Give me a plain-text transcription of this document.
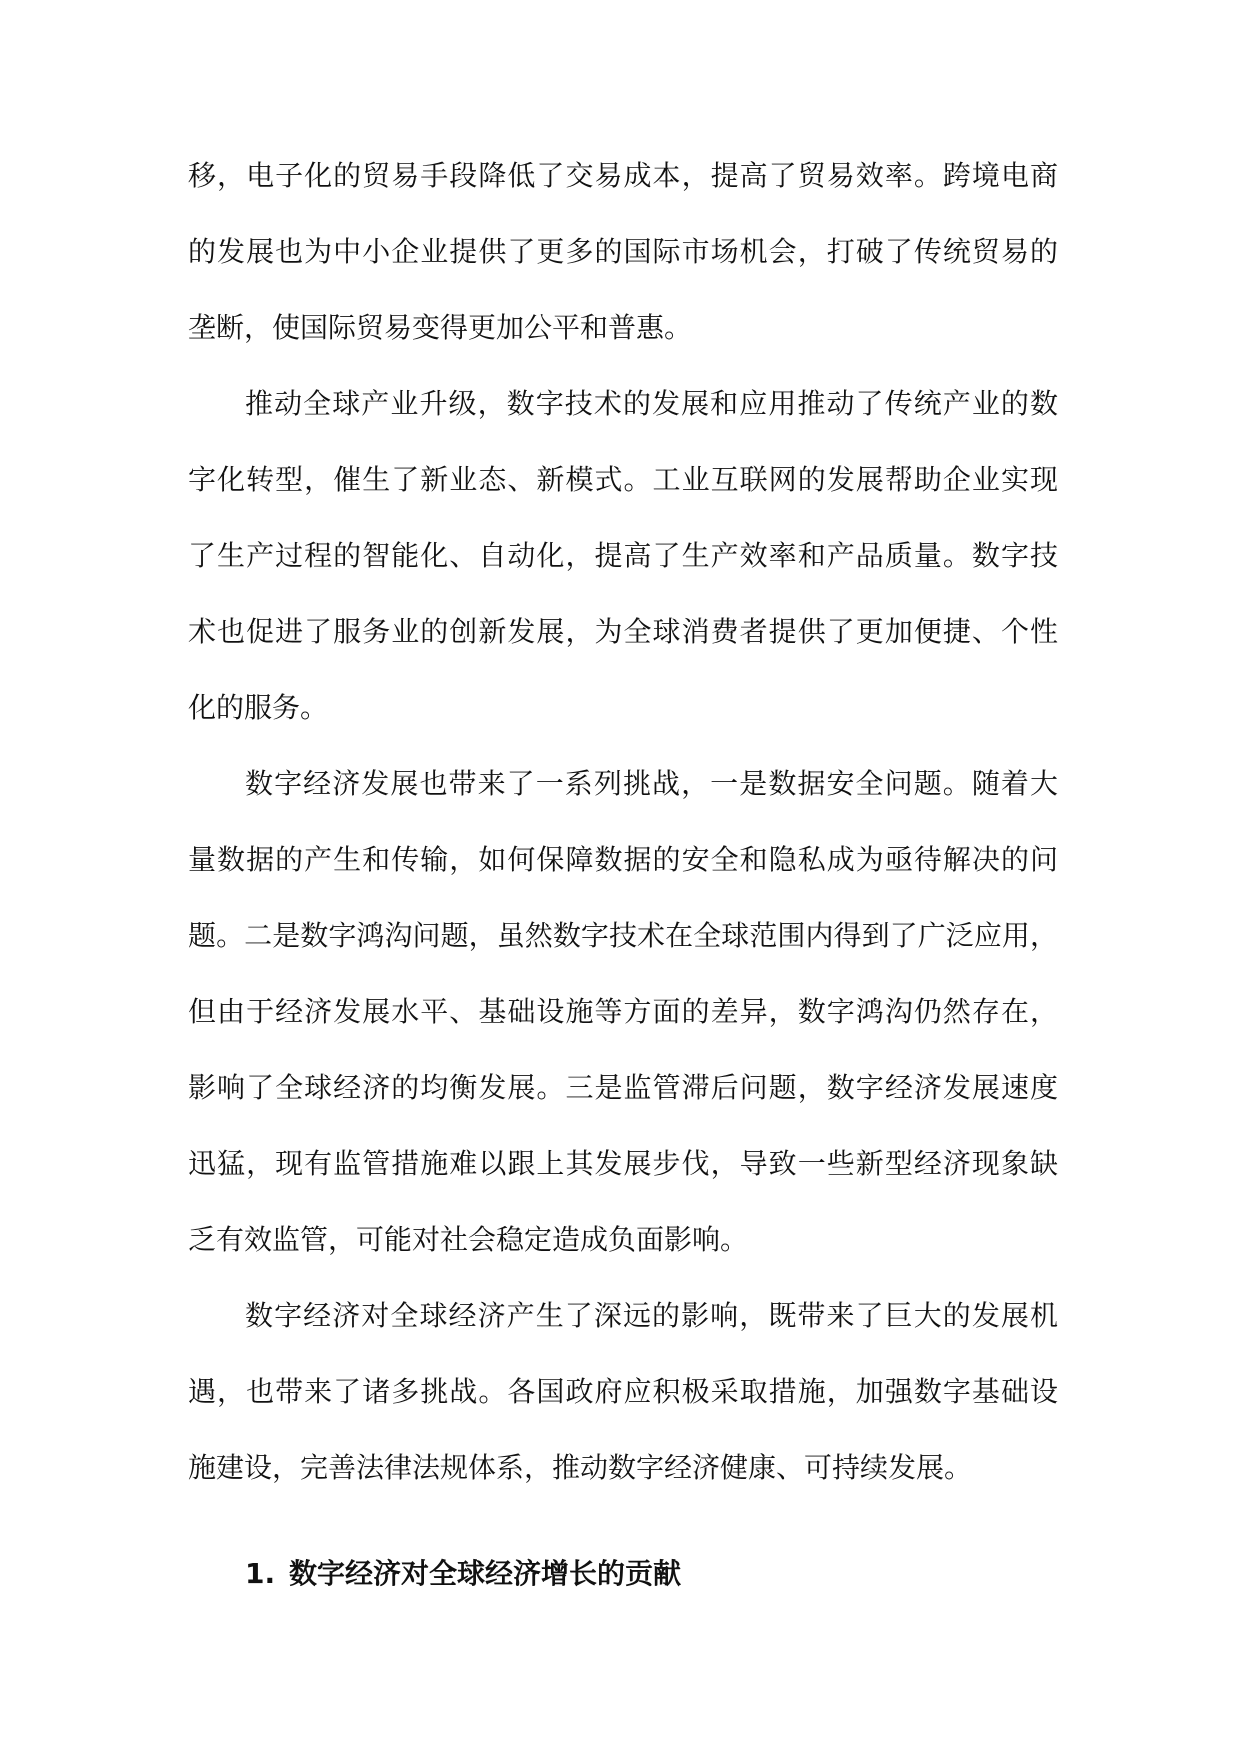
移，电子化的贸易手段降低了交易成本，提高了贸易效率。跨境电商
的发展也为中小企业提供了更多的国际市场机会，打破了传统贸易的
垄断，使国际贸易变得更加公平和普惠。
推动全球产业升级，数字技术的发展和应用推动了传统产业的数
字化转型，催生了新业态、新模式。工业互联网的发展帮助企业实现
了生产过程的智能化、自动化，提高了生产效率和产品质量。数字技
术也促进了服务业的创新发展，为全球消费者提供了更加便捷、个性
化的服务。
数字经济发展也带来了一系列挑战，一是数据安全问题。随着大
量数据的产生和传输，如何保障数据的安全和隐私成为亟待解决的问
题。二是数字鸿沟问题，虽然数字技术在全球范围内得到了广泛应用，
但由于经济发展水平、基础设施等方面的差异，数字鸿沟仍然存在，
影响了全球经济的均衡发展。三是监管滞后问题，数字经济发展速度
迅猛，现有监管措施难以跟上其发展步伐，导致一些新型经济现象缺
乏有效监管，可能对社会稳定造成负面影响。
数字经济对全球经济产生了深远的影响，既带来了巨大的发展机
遇，也带来了诸多挑战。各国政府应积极采取措施，加强数字基础设
施建设，完善法律法规体系，推动数字经济健康、可持续发展。
1. 数字经济对全球经济增长的贡献
